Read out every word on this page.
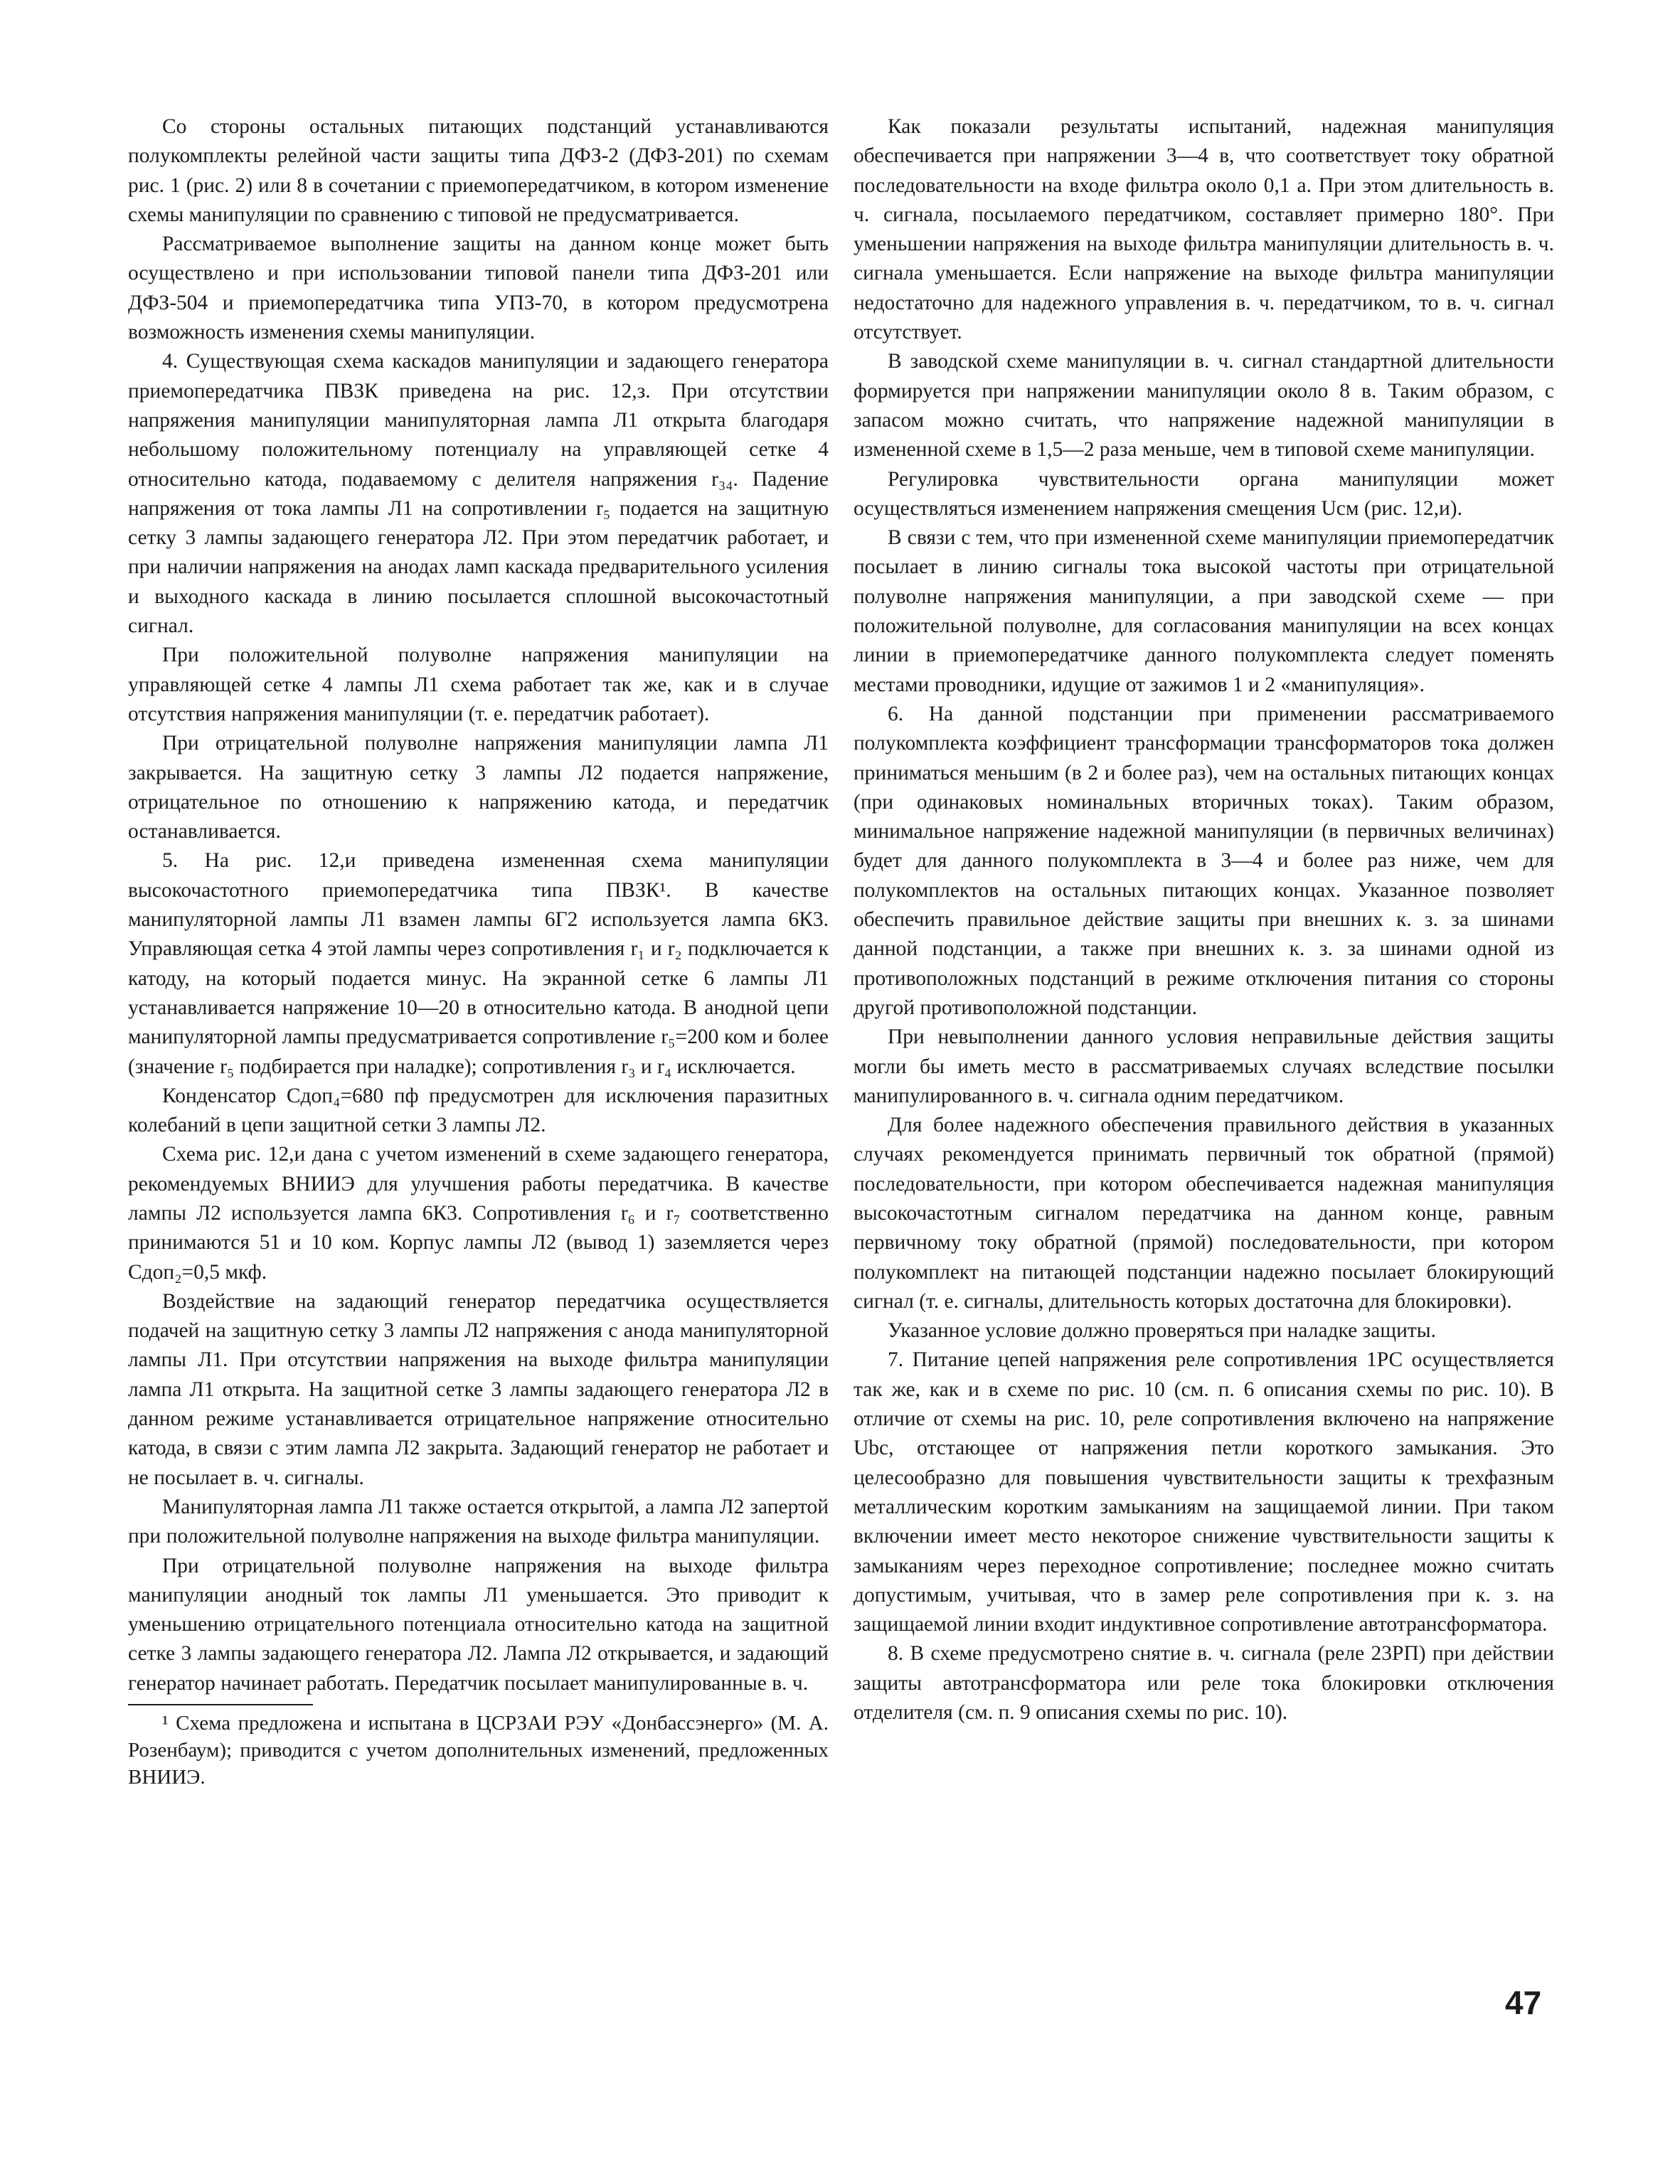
Со стороны остальных питающих подстанций устанавливаются полукомплекты релейной части защиты типа ДФЗ-2 (ДФЗ-201) по схемам рис. 1 (рис. 2) или 8 в сочетании с приемопередатчиком, в котором изменение схемы манипуляции по сравнению с типовой не предусматривается.

Рассматриваемое выполнение защиты на данном конце может быть осуществлено и при использовании типовой панели типа ДФЗ-201 или ДФЗ-504 и приемопередатчика типа УПЗ-70, в котором предусмотрена возможность изменения схемы манипуляции.

4. Существующая схема каскадов манипуляции и задающего генератора приемопередатчика ПВЗК приведена на рис. 12,з. При отсутствии напряжения манипуляции манипуляторная лампа Л1 открыта благодаря небольшому положительному потенциалу на управляющей сетке 4 относительно катода, подаваемому с делителя напряжения r₃₄. Падение напряжения от тока лампы Л1 на сопротивлении r₅ подается на защитную сетку 3 лампы задающего генератора Л2. При этом передатчик работает, и при наличии напряжения на анодах ламп каскада предварительного усиления и выходного каскада в линию посылается сплошной высокочастотный сигнал.

При положительной полуволне напряжения манипуляции на управляющей сетке 4 лампы Л1 схема работает так же, как и в случае отсутствия напряжения манипуляции (т. е. передатчик работает).

При отрицательной полуволне напряжения манипуляции лампа Л1 закрывается. На защитную сетку 3 лампы Л2 подается напряжение, отрицательное по отношению к напряжению катода, и передатчик останавливается.

5. На рис. 12,и приведена измененная схема манипуляции высокочастотного приемопередатчика типа ПВЗК¹. В качестве манипуляторной лампы Л1 взамен лампы 6Г2 используется лампа 6К3. Управляющая сетка 4 этой лампы через сопротивления r₁ и r₂ подключается к катоду, на который подается минус. На экранной сетке 6 лампы Л1 устанавливается напряжение 10—20 в относительно катода. В анодной цепи манипуляторной лампы предусматривается сопротивление r₅=200 ком и более (значение r₅ подбирается при наладке); сопротивления r₃ и r₄ исключается.

Конденсатор Сдоп₄=680 пф предусмотрен для исключения паразитных колебаний в цепи защитной сетки 3 лампы Л2.

Схема рис. 12,и дана с учетом изменений в схеме задающего генератора, рекомендуемых ВНИИЭ для улучшения работы передатчика. В качестве лампы Л2 используется лампа 6К3. Сопротивления r₆ и r₇ соответственно принимаются 51 и 10 ком. Корпус лампы Л2 (вывод 1) заземляется через Сдоп₂=0,5 мкф.

Воздействие на задающий генератор передатчика осуществляется подачей на защитную сетку 3 лампы Л2 напряжения с анода манипуляторной лампы Л1. При отсутствии напряжения на выходе фильтра манипуляции лампа Л1 открыта. На защитной сетке 3 лампы задающего генератора Л2 в данном режиме устанавливается отрицательное напряжение относительно катода, в связи с этим лампа Л2 закрыта. Задающий генератор не работает и не посылает в. ч. сигналы.

Манипуляторная лампа Л1 также остается открытой, а лампа Л2 запертой при положительной полуволне напряжения на выходе фильтра манипуляции.

При отрицательной полуволне напряжения на выходе фильтра манипуляции анодный ток лампы Л1 уменьшается. Это приводит к уменьшению отрицательного потенциала относительно катода на защитной сетке 3 лампы задающего генератора Л2. Лампа Л2 открывается, и задающий генератор начинает работать. Передатчик посылает манипулированные в. ч.

¹ Схема предложена и испытана в ЦСРЗАИ РЭУ «Донбассэнерго» (М. А. Розенбаум); приводится с учетом дополнительных изменений, предложенных ВНИИЭ.

Как показали результаты испытаний, надежная манипуляция обеспечивается при напряжении 3—4 в, что соответствует току обратной последовательности на входе фильтра около 0,1 а. При этом длительность в. ч. сигнала, посылаемого передатчиком, составляет примерно 180°. При уменьшении напряжения на выходе фильтра манипуляции длительность в. ч. сигнала уменьшается. Если напряжение на выходе фильтра манипуляции недостаточно для надежного управления в. ч. передатчиком, то в. ч. сигнал отсутствует.

В заводской схеме манипуляции в. ч. сигнал стандартной длительности формируется при напряжении манипуляции около 8 в. Таким образом, с запасом можно считать, что напряжение надежной манипуляции в измененной схеме в 1,5—2 раза меньше, чем в типовой схеме манипуляции.

Регулировка чувствительности органа манипуляции может осуществляться изменением напряжения смещения Uсм (рис. 12,и).

В связи с тем, что при измененной схеме манипуляции приемопередатчик посылает в линию сигналы тока высокой частоты при отрицательной полуволне напряжения манипуляции, а при заводской схеме — при положительной полуволне, для согласования манипуляции на всех концах линии в приемопередатчике данного полукомплекта следует поменять местами проводники, идущие от зажимов 1 и 2 «манипуляция».

6. На данной подстанции при применении рассматриваемого полукомплекта коэффициент трансформации трансформаторов тока должен приниматься меньшим (в 2 и более раз), чем на остальных питающих концах (при одинаковых номинальных вторичных токах). Таким образом, минимальное напряжение надежной манипуляции (в первичных величинах) будет для данного полукомплекта в 3—4 и более раз ниже, чем для полукомплектов на остальных питающих концах. Указанное позволяет обеспечить правильное действие защиты при внешних к. з. за шинами данной подстанции, а также при внешних к. з. за шинами одной из противоположных подстанций в режиме отключения питания со стороны другой противоположной подстанции.

При невыполнении данного условия неправильные действия защиты могли бы иметь место в рассматриваемых случаях вследствие посылки манипулированного в. ч. сигнала одним передатчиком.

Для более надежного обеспечения правильного действия в указанных случаях рекомендуется принимать первичный ток обратной (прямой) последовательности, при котором обеспечивается надежная манипуляция высокочастотным сигналом передатчика на данном конце, равным первичному току обратной (прямой) последовательности, при котором полукомплект на питающей подстанции надежно посылает блокирующий сигнал (т. е. сигналы, длительность которых достаточна для блокировки).

Указанное условие должно проверяться при наладке защиты.

7. Питание цепей напряжения реле сопротивления 1РС осуществляется так же, как и в схеме по рис. 10 (см. п. 6 описания схемы по рис. 10). В отличие от схемы на рис. 10, реле сопротивления включено на напряжение Ubc, отстающее от напряжения петли короткого замыкания. Это целесообразно для повышения чувствительности защиты к трехфазным металлическим коротким замыканиям на защищаемой линии. При таком включении имеет место некоторое снижение чувствительности защиты к замыканиям через переходное сопротивление; последнее можно считать допустимым, учитывая, что в замер реле сопротивления при к. з. на защищаемой линии входит индуктивное сопротивление автотрансформатора.

8. В схеме предусмотрено снятие в. ч. сигнала (реле 23РП) при действии защиты автотрансформатора или реле тока блокировки отключения отделителя (см. п. 9 описания схемы по рис. 10).

47
